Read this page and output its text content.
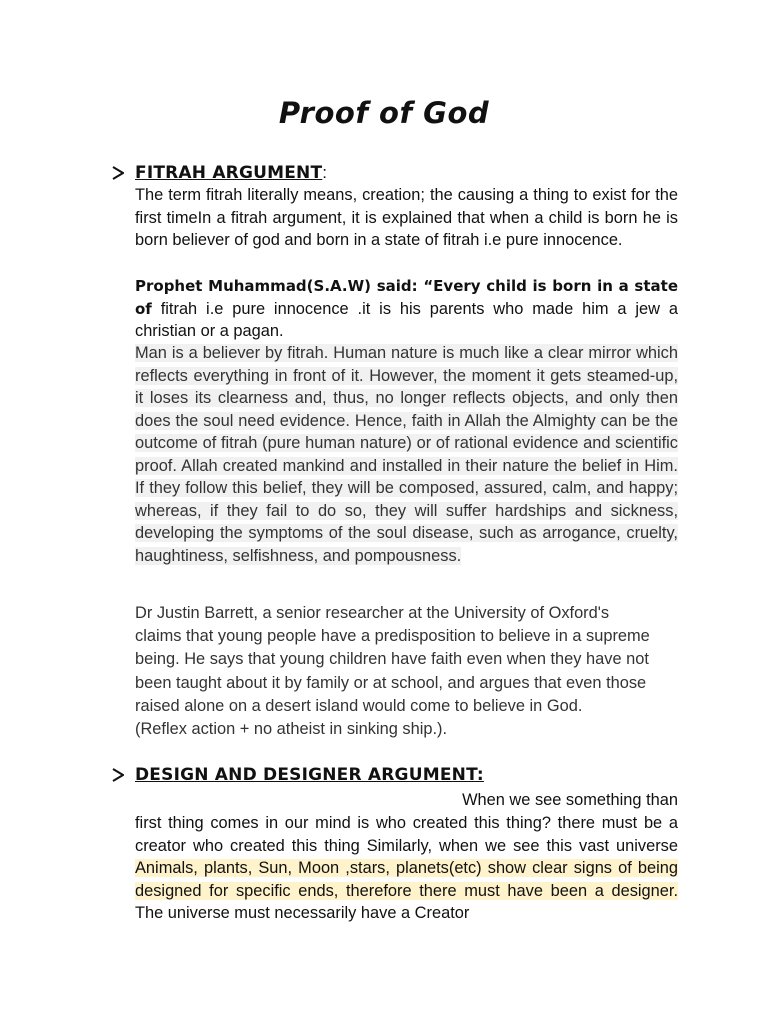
Proof of God
FITRAH ARGUMENT :
The term fitrah literally means, creation; the causing a thing to exist for the first timeIn a fitrah argument, it is explained that when a child is born he is born believer of god and born in a state of fitrah i.e pure innocence.
Prophet Muhammad(S.A.W) said: “Every child is born in a state of fitrah i.e pure innocence .it is his parents who made him a jew a christian or a pagan.
Man is a believer by fitrah. Human nature is much like a clear mirror which reflects everything in front of it. However, the moment it gets steamed-up, it loses its clearness and, thus, no longer reflects objects, and only then does the soul need evidence. Hence, faith in Allah the Almighty can be the outcome of fitrah (pure human nature) or of rational evidence and scientific proof. Allah created mankind and installed in their nature the belief in Him. If they follow this belief, they will be composed, assured, calm, and happy; whereas, if they fail to do so, they will suffer hardships and sickness, developing the symptoms of the soul disease, such as arrogance, cruelty, haughtiness, selfishness, and pompousness.
Dr Justin Barrett, a senior researcher at the University of Oxford's
claims that young people have a predisposition to believe in a supreme
being. He says that young children have faith even when they have not
been taught about it by family or at school, and argues that even those
raised alone on a desert island would come to believe in God.
(Reflex action + no atheist in sinking ship.).
DESIGN AND DESIGNER ARGUMENT:
When we see something than
first thing comes in our mind is who created this thing? there must be a creator who created this thing Similarly, when we see this vast universe Animals, plants, Sun, Moon ,stars, planets(etc) show clear signs of being designed for specific ends, therefore there must have been a designer. The universe must necessarily have a Creator
